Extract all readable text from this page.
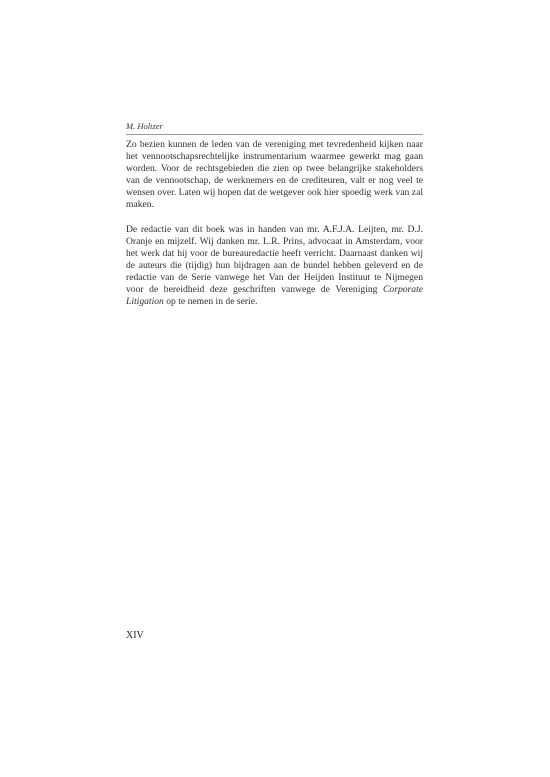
M. Holtzer

Zo bezien kunnen de leden van de vereniging met tevredenheid kijken naar het vennootschapsrechtelijke instrumentarium waarmee gewerkt mag gaan worden. Voor de rechtsgebieden die zien op twee belangrijke stakeholders van de vennootschap, de werknemers en de crediteuren, valt er nog veel te wensen over. Laten wij hopen dat de wetgever ook hier spoedig werk van zal maken.

De redactie van dit boek was in handen van mr. A.F.J.A. Leijten, mr. D.J. Oranje en mijzelf. Wij danken mr. L.R. Prins, advocaat in Amsterdam, voor het werk dat hij voor de bureauredactie heeft verricht. Daarnaast danken wij de auteurs die (tijdig) hun bijdragen aan de bundel hebben geleverd en de redactie van de Serie vanwege het Van der Heijden Instituut te Nijmegen voor de bereidheid deze geschriften vanwege de Vereniging Corporate Litigation op te nemen in de serie.

XIV
